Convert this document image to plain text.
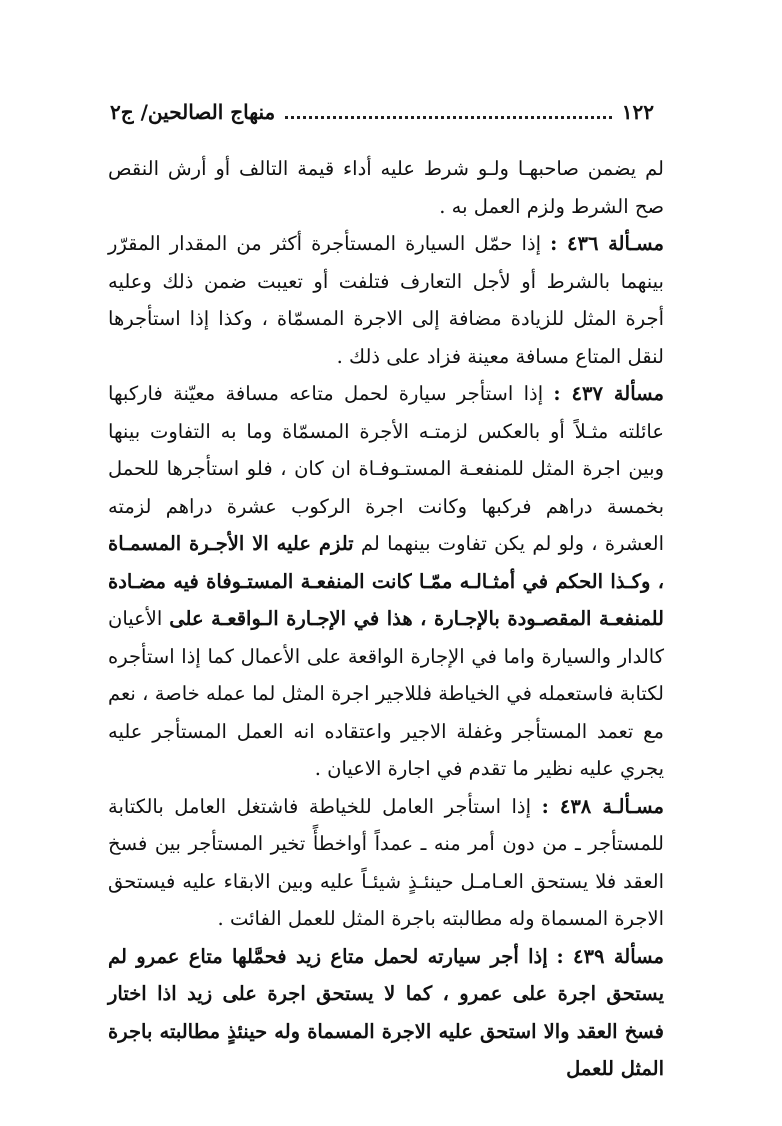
١٢٢
منهاج الصالحين/ ج٢

لم يضمن صاحبهـا ولـو شرط عليه أداء قيمة التالف أو أرش النقص صح الشرط ولزم العمل به .

مسـألة ٤٣٦ : إذا حمّل السيارة المستأجرة أكثر من المقدار المقرّر بينهما بالشرط أو لأجل التعارف فتلفت أو تعيبت ضمن ذلك وعليه أجرة المثل للزيادة مضافة إلى الاجرة المسمّاة ، وكذا إذا استأجرها لنقل المتاع مسافة معينة فزاد على ذلك .

مسألة ٤٣٧ : إذا استأجر سيارة لحمل متاعه مسافة معيّنة فاركبها عائلته مثـلاً أو بالعكس لزمتـه الأجرة المسمّاة وما به التفاوت بينها وبين اجرة المثل للمنفعـة المستـوفـاة ان كان ، فلو استأجرها للحمل بخمسة دراهم فركبها وكانت اجرة الركوب عشرة دراهم لزمته العشرة ، ولو لم يكن تفاوت بينهما لم تلزم عليه الا الأجـرة المسمـاة ، وكـذا الحكم في أمثـالـه ممّـا كانت المنفعـة المستـوفاة فيه مضـادة للمنفعـة المقصـودة بالإجـارة ، هذا في الإجـارة الـواقعـة على الأعيان كالدار والسيارة واما في الإجارة الواقعة على الأعمال كما إذا استأجره لكتابة فاستعمله في الخياطة فللاجير اجرة المثل لما عمله خاصة ، نعم مع تعمد المستأجر وغفلة الاجير واعتقاده انه العمل المستأجر عليه يجري عليه نظير ما تقدم في اجارة الاعيان .

مسـألـة ٤٣٨ : إذا استأجر العامل للخياطة فاشتغل العامل بالكتابة للمستأجر ـ من دون أمر منه ـ عمداً أواخطأً تخير المستأجر بين فسخ العقد فلا يستحق العـامـل حينئـذٍ شيئـاً عليه وبين الابقاء عليه فيستحق الاجرة المسماة وله مطالبته باجرة المثل للعمل الفائت .

مسألة ٤٣٩ : إذا أجر سيارته لحمل متاع زيد فحمَّلها متاع عمرو لم يستحق اجرة على عمرو ، كما لا يستحق اجرة على زيد اذا اختار فسخ العقد والا استحق عليه الاجرة المسماة وله حينئذٍ مطالبته باجرة المثل للعمل
